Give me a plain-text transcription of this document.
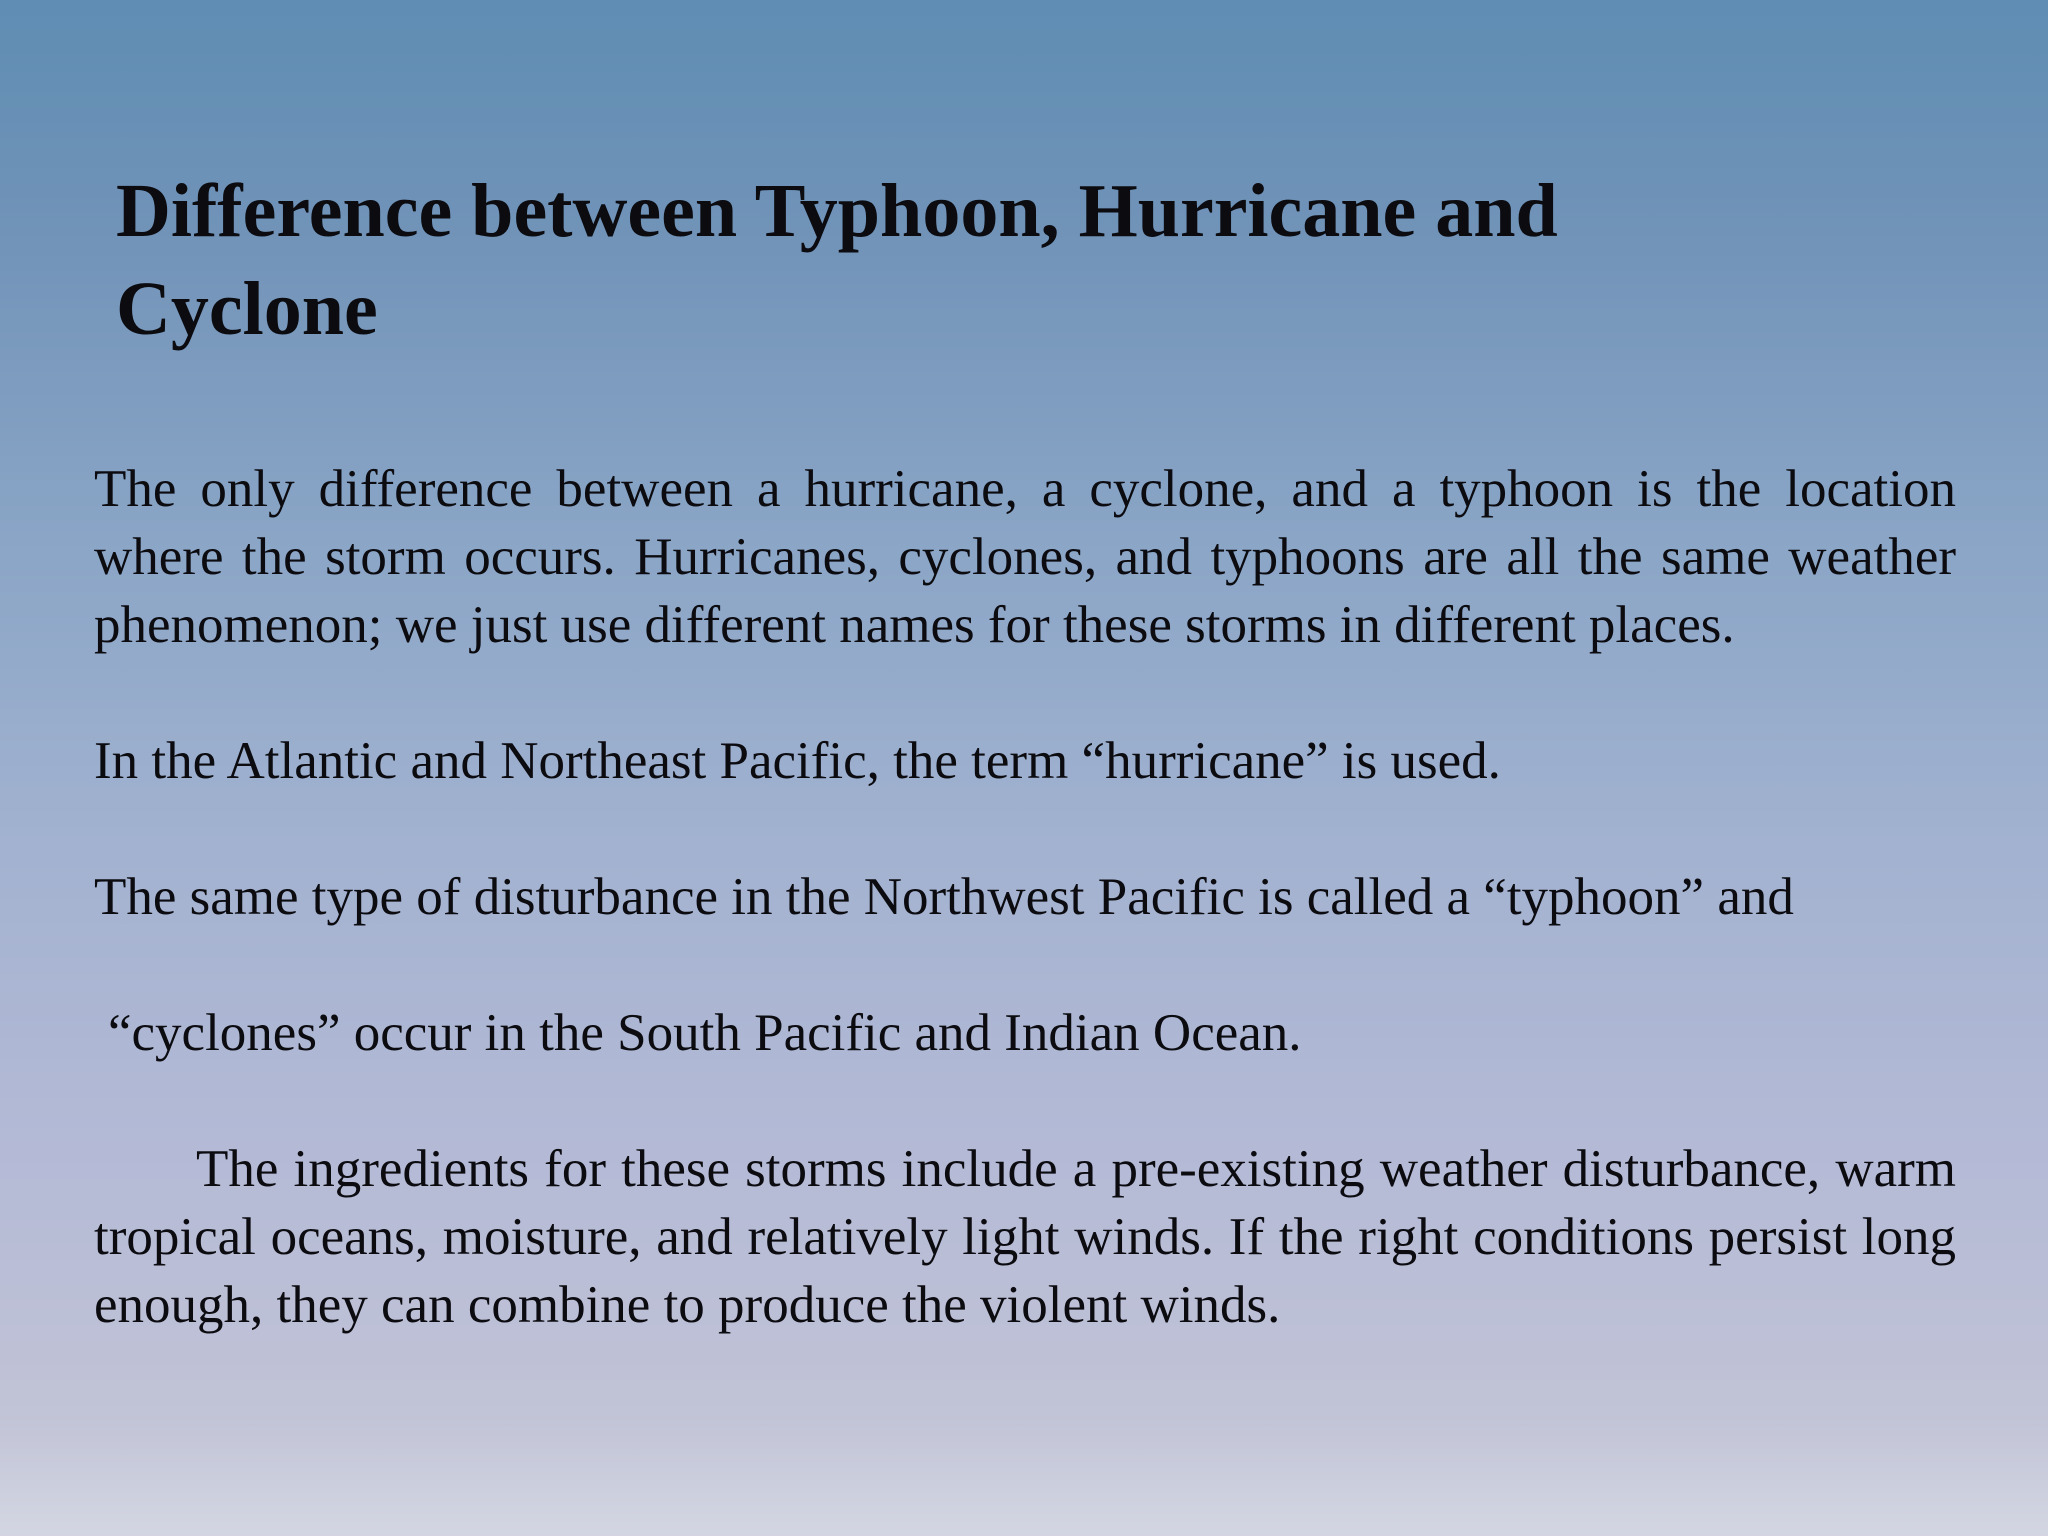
Difference between Typhoon, Hurricane and Cyclone

The only difference between a hurricane, a cyclone, and a typhoon is the location where the storm occurs. Hurricanes, cyclones, and typhoons are all the same weather phenomenon; we just use different names for these storms in different places.

In the Atlantic and Northeast Pacific, the term “hurricane” is used.

The same type of disturbance in the Northwest Pacific is called a “typhoon” and

“cyclones” occur in the South Pacific and Indian Ocean.

The ingredients for these storms include a pre-existing weather disturbance, warm tropical oceans, moisture, and relatively light winds. If the right conditions persist long enough, they can combine to produce the violent winds.
